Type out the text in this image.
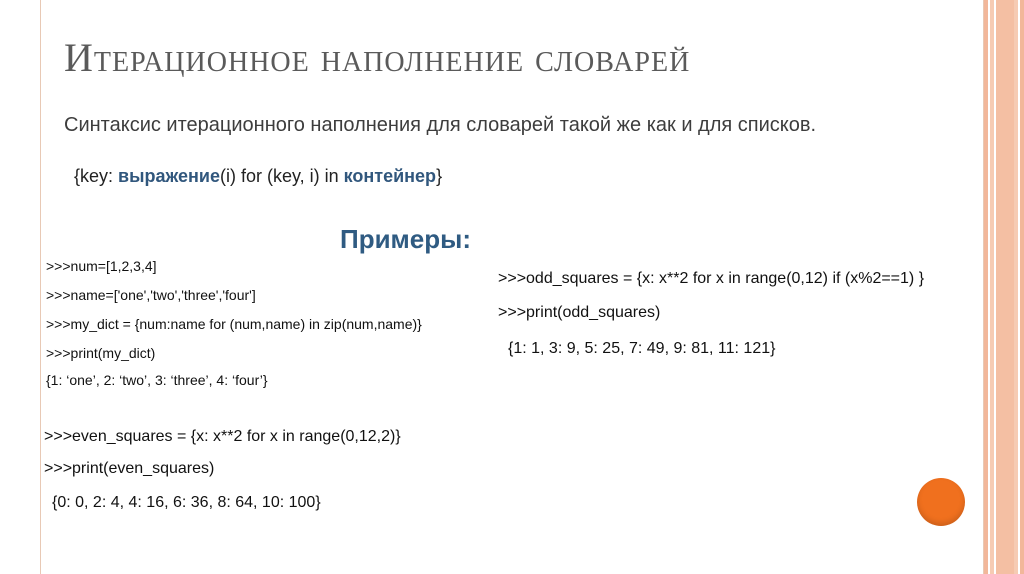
Итерационное наполнение словарей
Синтаксис итерационного наполнения для словарей такой же как и для списков.
{key: выражение(i) for (key, i) in контейнер}
Примеры:
>>>num=[1,2,3,4]
>>>name=['one','two','three','four']
>>>my_dict = {num:name for (num,name) in zip(num,name)}
>>>print(my_dict)
{1: ‘one’, 2: ‘two’, 3: ‘three’, 4: ‘four’}
>>>even_squares = {x: x**2 for x in range(0,12,2)}
>>>print(even_squares)
{0: 0, 2: 4, 4: 16, 6: 36, 8: 64, 10: 100}
>>>odd_squares = {x: x**2 for x in range(0,12) if (x%2==1) }
>>>print(odd_squares)
{1: 1, 3: 9, 5: 25, 7: 49, 9: 81, 11: 121}
